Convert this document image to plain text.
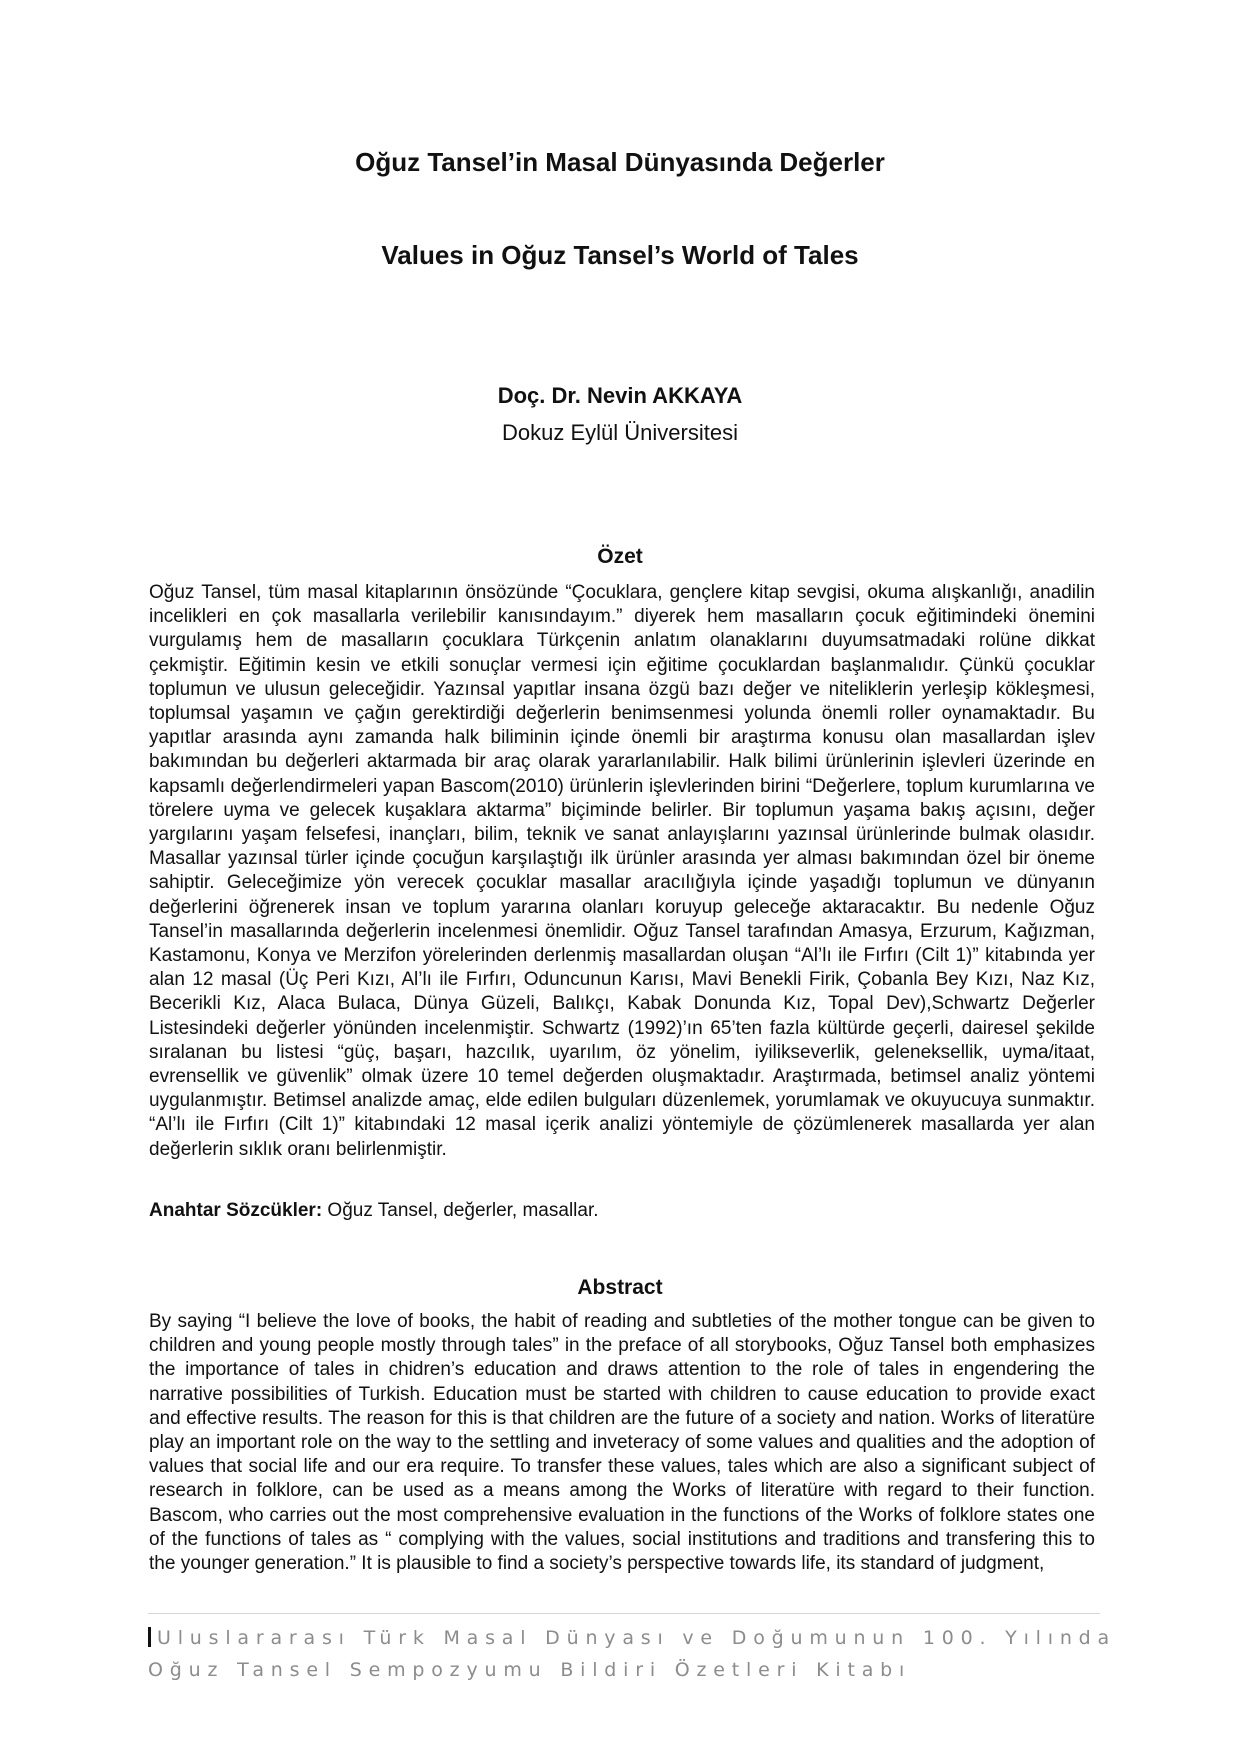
Oğuz Tansel’in Masal Dünyasında Değerler
Values in Oğuz Tansel’s World of Tales
Doç. Dr. Nevin AKKAYA
Dokuz Eylül Üniversitesi
Özet

Oğuz Tansel, tüm masal kitaplarının önsözünde “Çocuklara, gençlere kitap sevgisi, okuma alışkanlığı, anadilin incelikleri en çok masallarla verilebilir kanısındayım.” diyerek hem masalların çocuk eğitimindeki önemini vurgulamış hem de masalların çocuklara Türkçenin anlatım olanaklarını duyumsatmadaki rolüne dikkat çekmiştir. Eğitimin kesin ve etkili sonuçlar vermesi için eğitime çocuklardan başlanmalıdır. Çünkü çocuklar toplumun ve ulusun geleceğidir. Yazınsal yapıtlar insana özgü bazı değer ve niteliklerin yerleşip kökleşmesi, toplumsal yaşamın ve çağın gerektirdiği değerlerin benimsenmesi yolunda önemli roller oynamaktadır. Bu yapıtlar arasında aynı zamanda halk biliminin içinde önemli bir araştırma konusu olan masallardan işlev bakımından bu değerleri aktarmada bir araç olarak yararlanılabilir. Halk bilimi ürünlerinin işlevleri üzerinde en kapsamlı değerlendirmeleri yapan Bascom(2010) ürünlerin işlevlerinden birini “Değerlere, toplum kurumlarına ve törelere uyma ve gelecek kuşaklara aktarma” biçiminde belirler. Bir toplumun yaşama bakış açısını, değer yargılarını yaşam felsefesi, inançları, bilim, teknik ve sanat anlayışlarını yazınsal ürünlerinde bulmak olasıdır. Masallar yazınsal türler içinde çocuğun karşılaştığı ilk ürünler arasında yer alması bakımından özel bir öneme sahiptir. Geleceğimize yön verecek çocuklar masallar aracılığıyla içinde yaşadığı toplumun ve dünyanın değerlerini öğrenerek insan ve toplum yararına olanları koruyup geleceğe aktaracaktır. Bu nedenle Oğuz Tansel’in masallarında değerlerin incelenmesi önemlidir. Oğuz Tansel tarafından Amasya, Erzurum, Kağızman, Kastamonu, Konya ve Merzifon yörelerinden derlenmiş masallardan oluşan “Al’lı ile Fırfırı (Cilt 1)” kitabında yer alan 12 masal (Üç Peri Kızı, Al’lı ile Fırfırı, Oduncunun Karısı, Mavi Benekli Firik, Çobanla Bey Kızı, Naz Kız, Becerikli Kız, Alaca Bulaca, Dünya Güzeli, Balıkçı, Kabak Donunda Kız, Topal Dev),Schwartz Değerler Listesindeki değerler yönünden incelenmiştir. Schwartz (1992)’ın 65’ten fazla kültürde geçerli, dairesel şekilde sıralanan bu listesi “güç, başarı, hazcılık, uyarılım, öz yönelim, iyilikseverlik, geleneksellik, uyma/itaat, evrensellik ve güvenlik” olmak üzere 10 temel değerden oluşmaktadır. Araştırmada, betimsel analiz yöntemi uygulanmıştır. Betimsel analizde amaç, elde edilen bulguları düzenlemek, yorumlamak ve okuyucuya sunmaktır. “Al’lı ile Fırfırı (Cilt 1)” kitabındaki 12 masal içerik analizi yöntemiyle de çözümlenerek masallarda yer alan değerlerin sıklık oranı belirlenmiştir.

Anahtar Sözcükler: Oğuz Tansel, değerler, masallar.

Abstract

By saying “I believe the love of books, the habit of reading and subtleties of the mother tongue can be given to children and young people mostly through tales” in the preface of all storybooks, Oğuz Tansel both emphasizes the importance of tales in chidren’s education and draws attention to the role of tales in engendering the narrative possibilities of Turkish. Education must be started with children to cause education to provide exact and effective results. The reason for this is that children are the future of a society and nation. Works of literatüre play an important role on the way to the settling and inveteracy of some values and qualities and the adoption of values that social life and our era require. To transfer these values, tales which are also a significant subject of research in folklore, can be used as a means among the Works of literatüre with regard to their function. Bascom, who carries out the most comprehensive evaluation in the functions of the Works of folklore states one of the functions of tales as “ complying with the values, social institutions and traditions and transfering this to the younger generation.” It is plausible to find a society’s perspective towards life, its standard of judgment,

Uluslararası Türk Masal Dünyası ve Doğumunun 100. Yılında
Oğuz Tansel Sempozyumu Bildiri Özetleri Kitabı
